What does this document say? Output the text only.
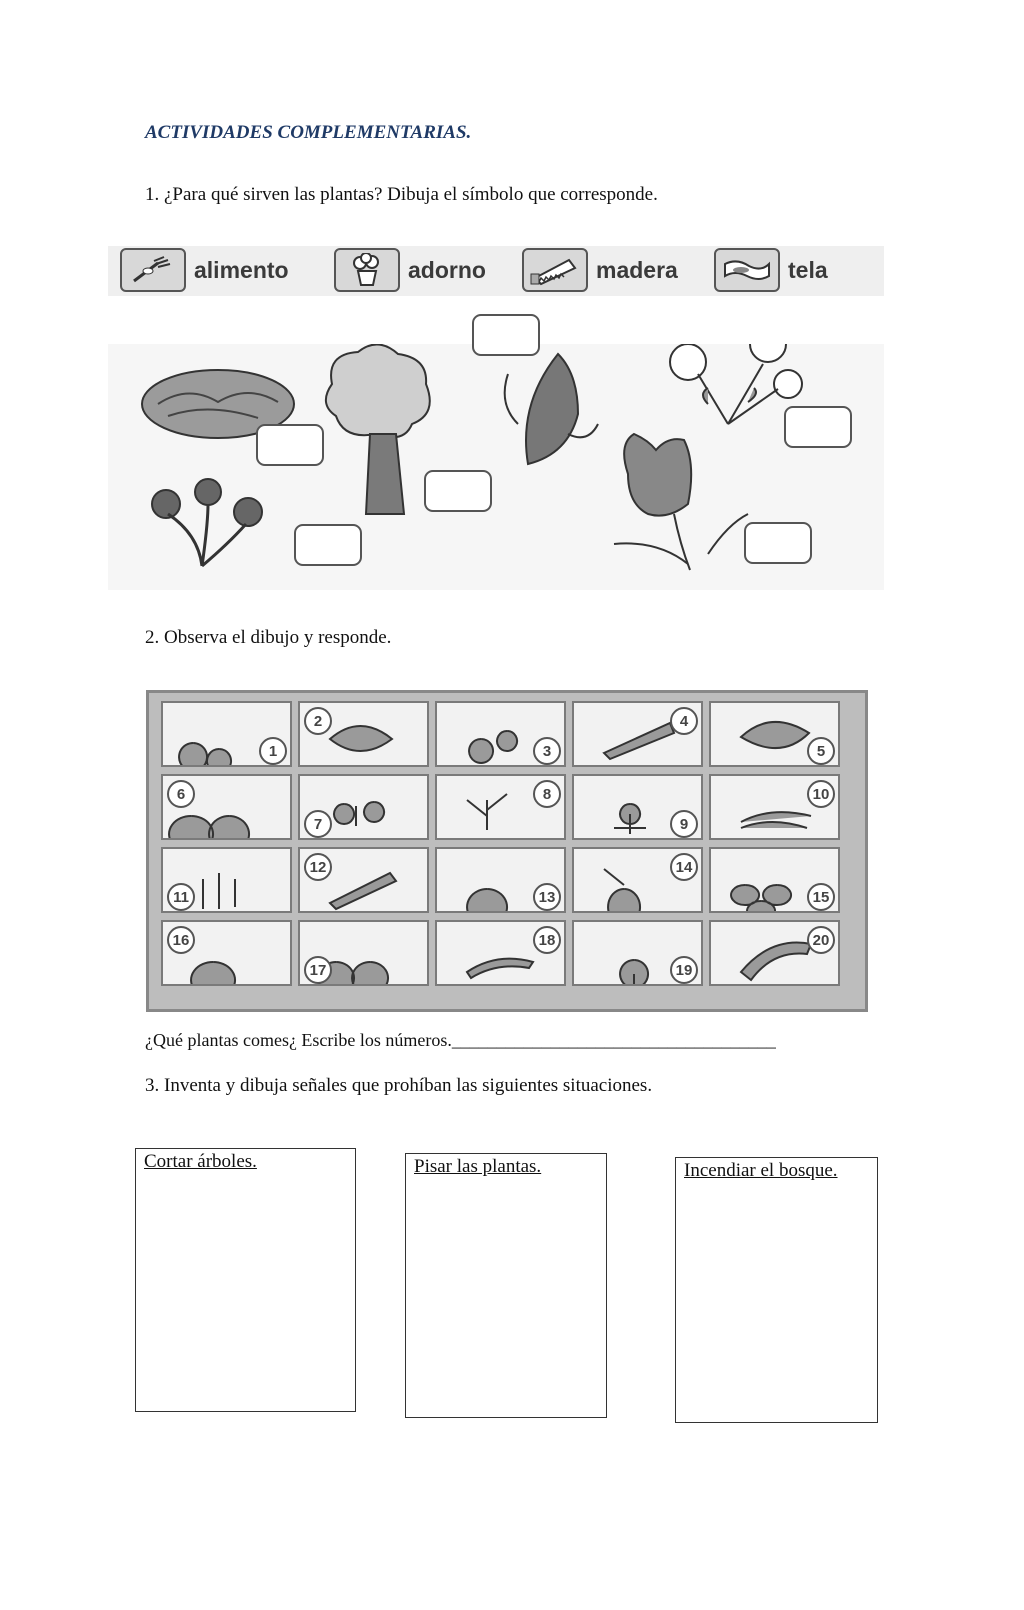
ACTIVIDADES COMPLEMENTARIAS.
1. ¿Para qué sirven las plantas? Dibuja el símbolo que corresponde.
alimento	adorno	madera	tela
2. Observa el dibujo y responde.
1
2
3
4
5
6
7
8
9
10
11
12
13
14
15
16
17
18
19
20
¿Qué plantas comes¿ Escribe los números.____________________________________
3. Inventa y dibuja señales que prohíban las siguientes situaciones.
Cortar árboles.	Pisar las plantas.	Incendiar el bosque.
